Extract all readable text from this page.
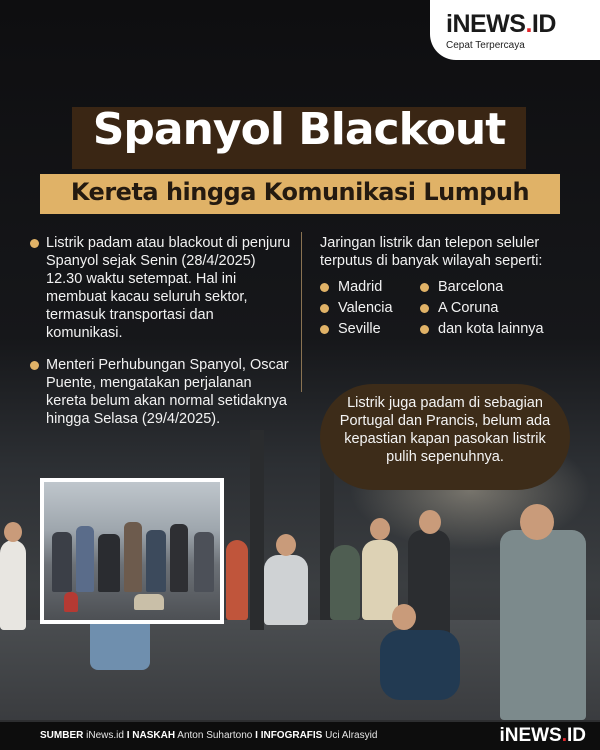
iNEWS.ID
Cepat Terpercaya
Spanyol Blackout
Kereta hingga Komunikasi Lumpuh
Listrik padam atau blackout di penjuru Spanyol sejak Senin (28/4/2025) 12.30 waktu setempat. Hal ini membuat kacau seluruh sektor, termasuk transportasi dan komunikasi.
Menteri Perhubungan Spanyol, Oscar Puente, mengatakan perjalanan kereta belum akan normal setidaknya hingga Selasa (29/4/2025).
Jaringan listrik dan telepon seluler terputus di banyak wilayah seperti:
Madrid	Barcelona
Valencia	A Coruna
Seville	dan kota lainnya
Listrik juga padam di sebagian Portugal dan Prancis, belum ada kepastian kapan pasokan listrik pulih sepenuhnya.
SUMBER iNews.id I NASKAH Anton Suhartono I INFOGRAFIS Uci Alrasyid	iNEWS.ID
